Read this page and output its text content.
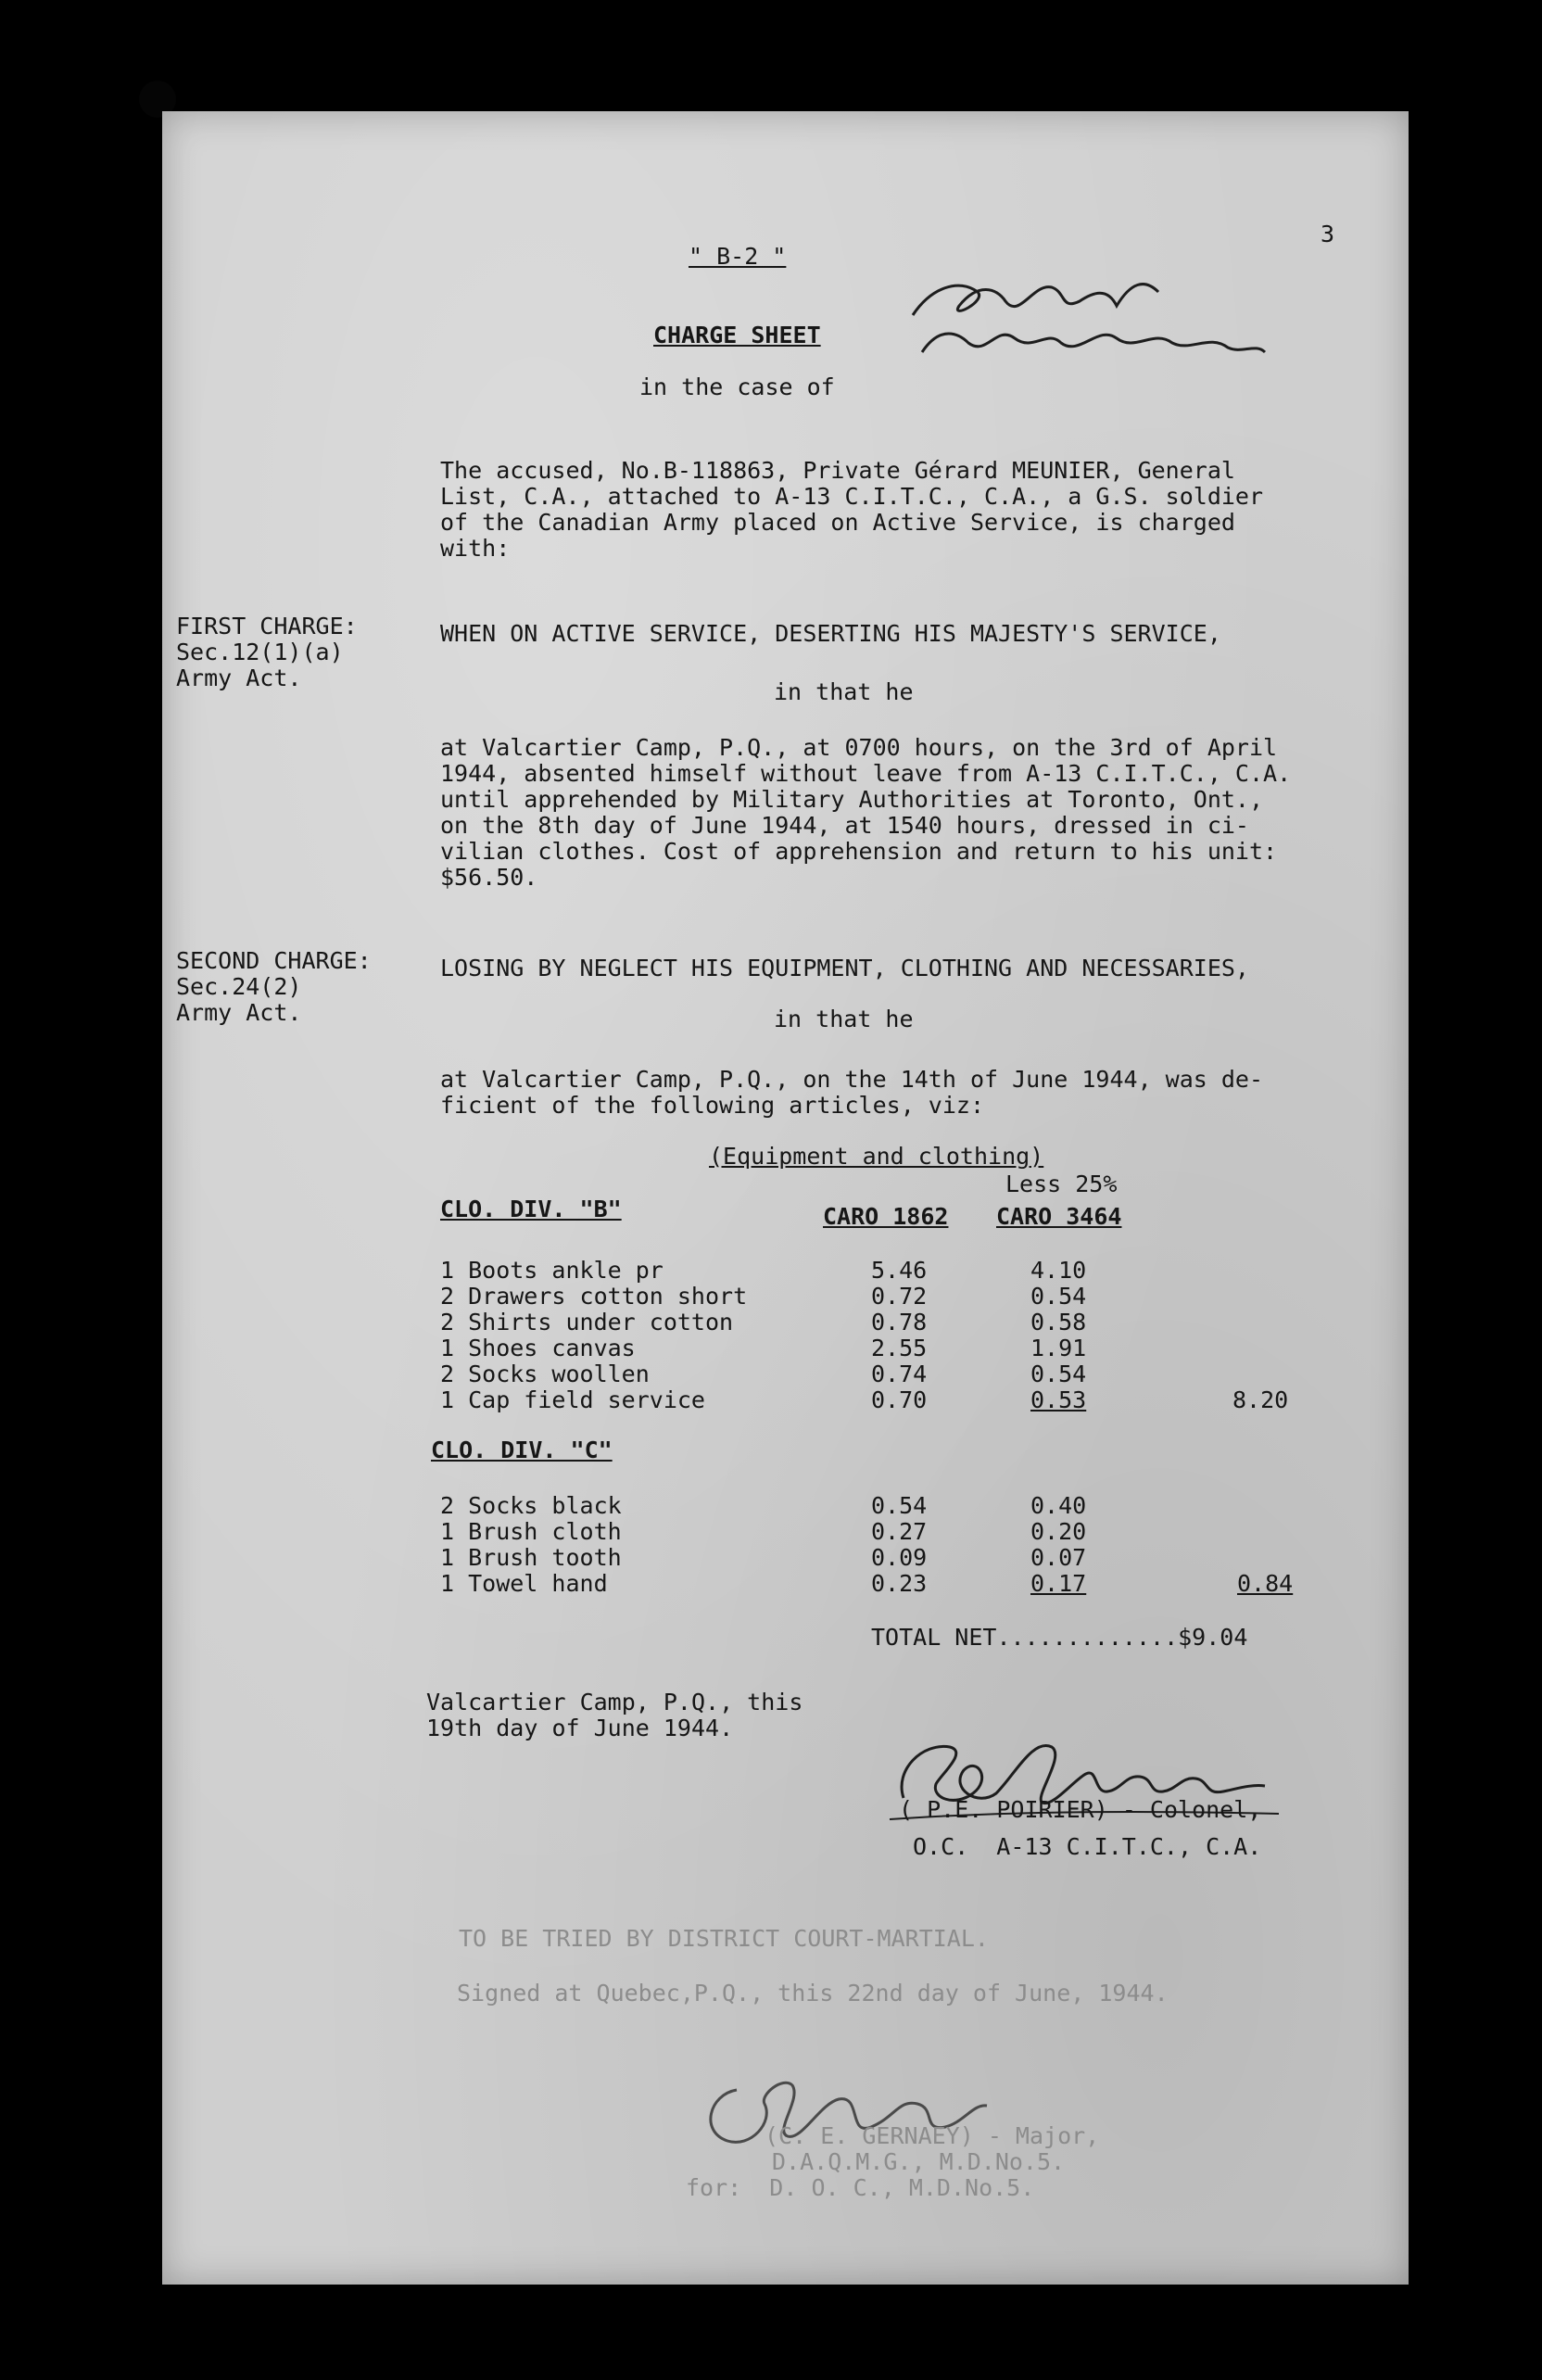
3
" B-2 "
CHARGE SHEET
in the case of
The accused, No.B-118863, Private Gérard MEUNIER, General
List, C.A., attached to A-13 C.I.T.C., C.A., a G.S. soldier
of the Canadian Army placed on Active Service, is charged
with:
FIRST CHARGE:
Sec.12(1)(a)
Army Act.
WHEN ON ACTIVE SERVICE, DESERTING HIS MAJESTY'S SERVICE,
in that he
at Valcartier Camp, P.Q., at 0700 hours, on the 3rd of April
1944, absented himself without leave from A-13 C.I.T.C., C.A.
until apprehended by Military Authorities at Toronto, Ont.,
on the 8th day of June 1944, at 1540 hours, dressed in ci-
vilian clothes. Cost of apprehension and return to his unit:
$56.50.
SECOND CHARGE:
Sec.24(2)
Army Act.
LOSING BY NEGLECT HIS EQUIPMENT, CLOTHING AND NECESSARIES,
in that he
at Valcartier Camp, P.Q., on the 14th of June 1944, was de-
ficient of the following articles, viz:
(Equipment and clothing)
Less 25%
CLO. DIV. "B"	CARO 1862 CARO 3464
1 Boots ankle pr	5.46	4.10
2 Drawers cotton short	0.72	0.54
2 Shirts under cotton	0.78	0.58
1 Shoes canvas	2.55	1.91
2 Socks woollen	0.74	0.54
1 Cap field service	0.70	0.53	8.20
CLO. DIV. "C"
2 Socks black	0.54	0.40
1 Brush cloth	0.27	0.20
1 Brush tooth	0.09	0.07
1 Towel hand	0.23	0.17	0.84
TOTAL NET.............$9.04
Valcartier Camp, P.Q., this
19th day of June 1944.
( P.E. POIRIER) - Colonel,
O.C.  A-13 C.I.T.C., C.A.
TO BE TRIED BY DISTRICT COURT-MARTIAL.
Signed at Quebec,P.Q., this 22nd day of June, 1944.
(C. E. GERNAEY) - Major,
D.A.Q.M.G., M.D.No.5.
for:  D. O. C., M.D.No.5.
